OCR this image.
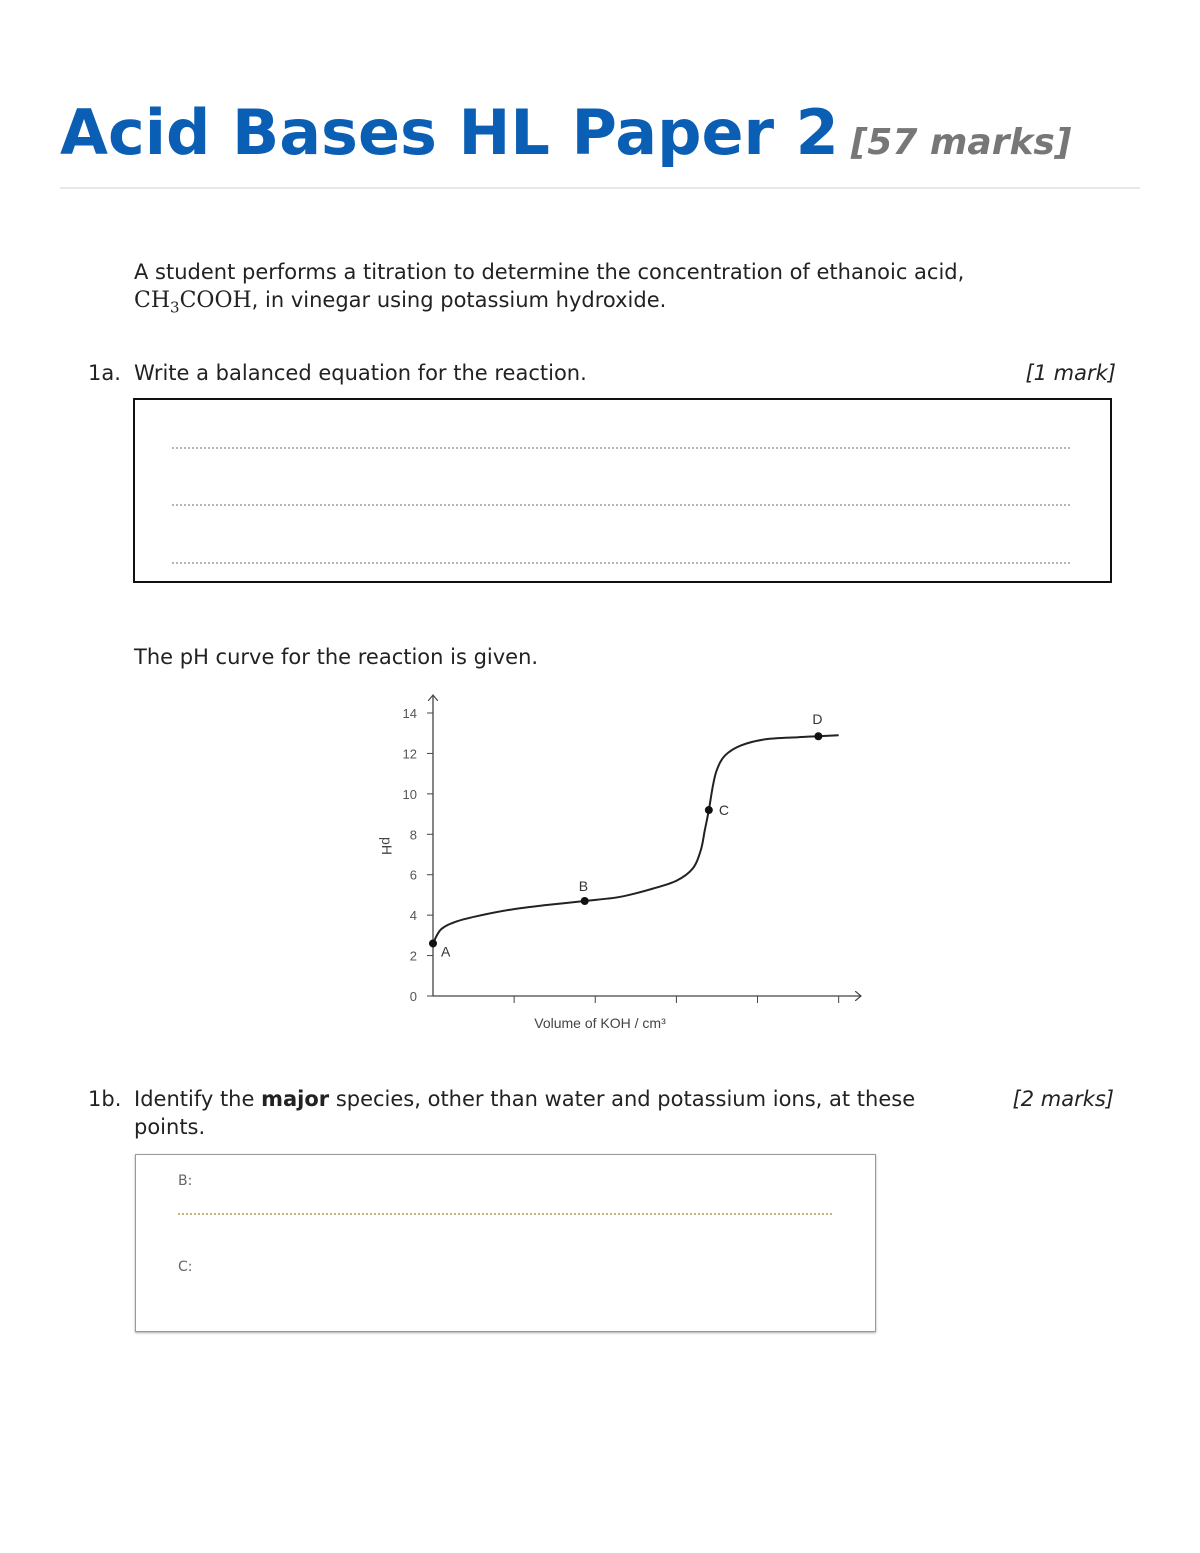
Acid Bases HL Paper 2 [57 marks]

A student performs a titration to determine the concentration of ethanoic acid,
$CH_3COOH$, in vinegar using potassium hydroxide.

1a. Write a balanced equation for the reaction.	[1 mark]

The pH curve for the reaction is given.

0
2
4
6
8
10
12
14
A
B
C
D
pH
Volume of KOH / cm³
1b. Identify the major species, other than water and potassium ions, at these points.
[2 marks]
B:
C:
